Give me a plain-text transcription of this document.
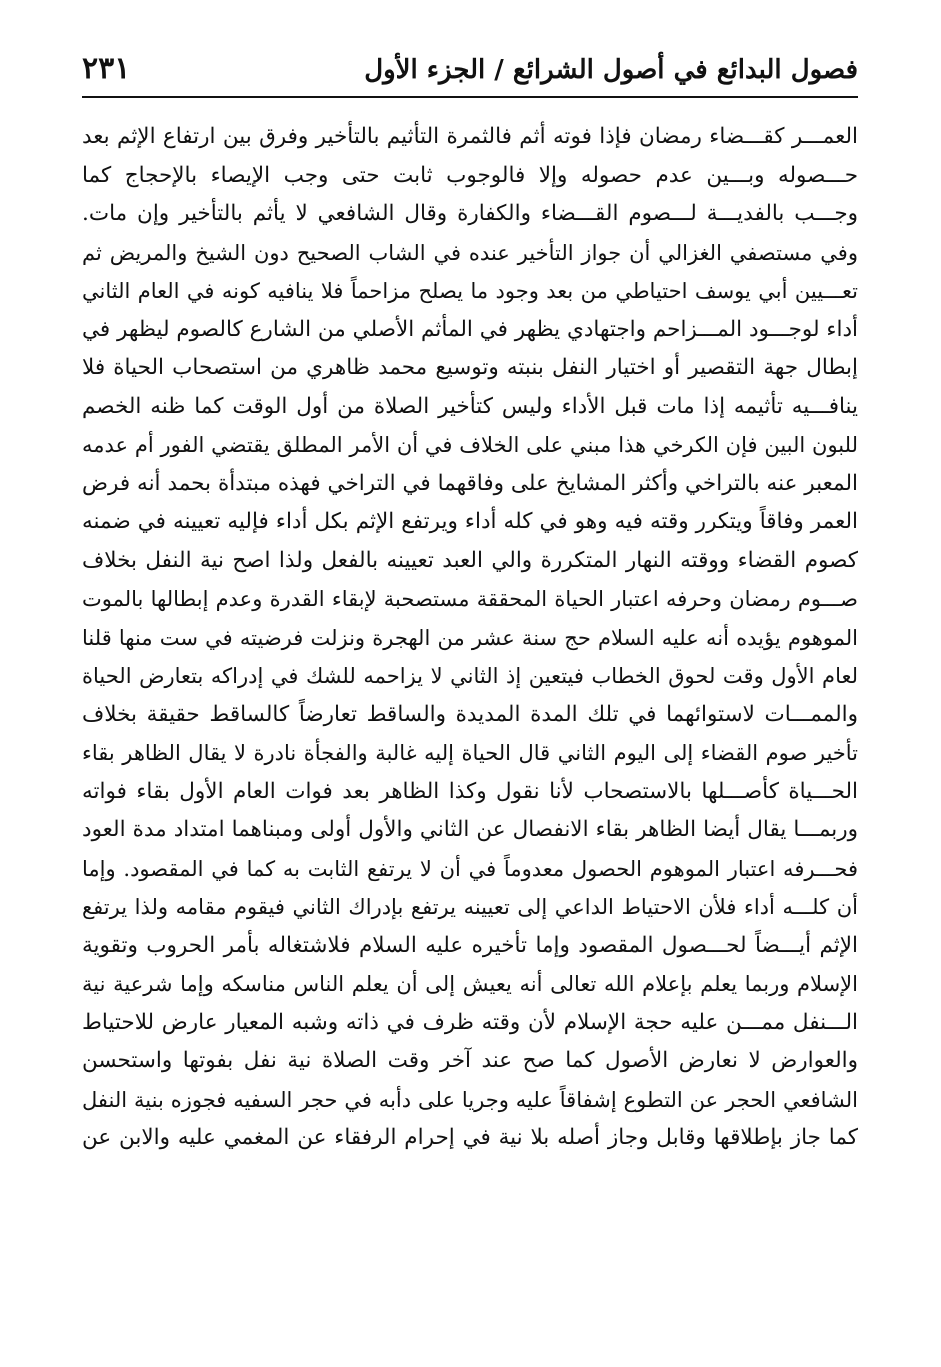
فصول البدائع في أصول الشرائع / الجزء الأول
٢٣١
العمـــر كقـــضاء رمضان فإذا فوته أثم فالثمرة التأثيم بالتأخير وفرق بين ارتفاع الإثم بعد
حـــصوله وبـــين عدم حصوله وإلا فالوجوب ثابت حتى وجب الإيصاء بالإحجاج كما
وجـــب بالفديـــة لـــصوم القـــضاء والكفارة وقال الشافعي لا يأثم بالتأخير وإن مات.
وفي مستصفي الغزالي أن جواز التأخير عنده في الشاب الصحيح دون الشيخ والمريض ثم
تعـــيين أبي يوسف احتياطي من بعد وجود ما يصلح مزاحماً فلا ينافيه كونه في العام الثاني
أداء لوجـــود المـــزاحم واجتهادي يظهر في المأثم الأصلي من الشارع كالصوم ليظهر في
إبطال جهة التقصير أو اختيار النفل بنبته وتوسيع محمد ظاهري من استصحاب الحياة فلا
ينافـــيه تأثيمه إذا مات قبل الأداء وليس كتأخير الصلاة من أول الوقت كما ظنه الخصم
للبون البين فإن الكرخي هذا مبني على الخلاف في أن الأمر المطلق يقتضي الفور أم عدمه
المعبر عنه بالتراخي وأكثر المشايخ على وفاقهما في التراخي فهذه مبتدأة بحمد أنه فرض
العمر وفاقاً ويتكرر وقته فيه وهو في كله أداء ويرتفع الإثم بكل أداء فإليه تعيينه في ضمنه
كصوم القضاء ووقته النهار المتكررة والي العبد تعيينه بالفعل ولذا اصح نية النفل بخلاف
صـــوم رمضان وحرفه اعتبار الحياة المحققة مستصحبة لإبقاء القدرة وعدم إبطالها بالموت
الموهوم يؤيده أنه عليه السلام حج سنة عشر من الهجرة ونزلت فرضيته في ست منها قلنا
لعام الأول وقت لحوق الخطاب فيتعين إذ الثاني لا يزاحمه للشك في إدراكه بتعارض الحياة
والممـــات لاستوائهما في تلك المدة المديدة والساقط تعارضاً كالساقط حقيقة بخلاف
تأخير صوم القضاء إلى اليوم الثاني قال الحياة إليه غالبة والفجأة نادرة لا يقال الظاهر بقاء
الحـــياة كأصـــلها بالاستصحاب لأنا نقول وكذا الظاهر بعد فوات العام الأول بقاء فواته
وربمـــا يقال أيضا الظاهر بقاء الانفصال عن الثاني والأول أولى ومبناهما امتداد مدة العود
فحـــرفه اعتبار الموهوم الحصول معدوماً في أن لا يرتفع الثابت به كما في المقصود. وإما
أن كلـــه أداء فلأن الاحتياط الداعي إلى تعيينه يرتفع بإدراك الثاني فيقوم مقامه ولذا يرتفع
الإثم أيـــضاً لحـــصول المقصود وإما تأخيره عليه السلام فلاشتغاله بأمر الحروب وتقوية
الإسلام وربما يعلم بإعلام الله تعالى أنه يعيش إلى أن يعلم الناس مناسكه وإما شرعية نية
الـــنفل ممـــن عليه حجة الإسلام لأن وقته ظرف في ذاته وشبه المعيار عارض للاحتياط
والعوارض لا نعارض الأصول كما صح عند آخر وقت الصلاة نية نفل بفوتها واستحسن
الشافعي الحجر عن التطوع إشفاقاً عليه وجريا على دأبه في حجر السفيه فجوزه بنية النفل
كما جاز بإطلاقها وقابل وجاز أصله بلا نية في إحرام الرفقاء عن المغمي عليه والابن عن
